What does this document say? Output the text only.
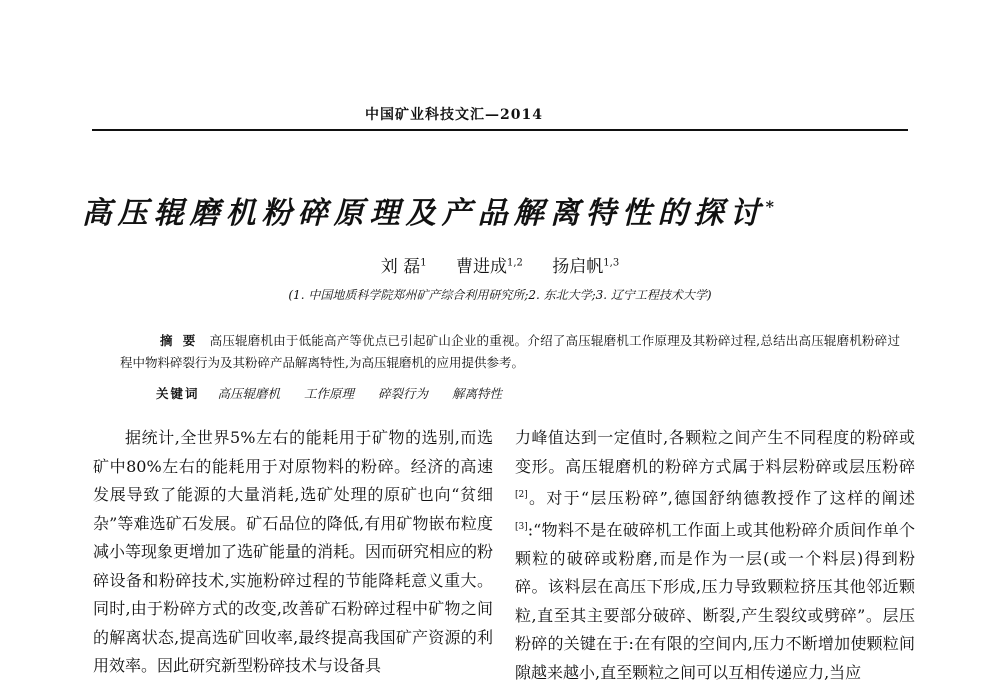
中国矿业科技文汇—2014
高压辊磨机粉碎原理及产品解离特性的探讨*
刘 磊$^1$ 曹进成$^{1,2}$ 扬启帆$^{1,3}$
(1. 中国地质科学院郑州矿产综合利用研究所;2. 东北大学;3. 辽宁工程技术大学)
摘要 高压辊磨机由于低能高产等优点已引起矿山企业的重视。介绍了高压辊磨机工作原理及其粉碎过程,总结出高压辊磨机粉碎过程中物料碎裂行为及其粉碎产品解离特性,为高压辊磨机的应用提供参考。
关键词 高压辊磨机 工作原理 碎裂行为 解离特性
据统计,全世界5%左右的能耗用于矿物的选别,而选矿中80%左右的能耗用于对原物料的粉碎。经济的高速发展导致了能源的大量消耗,选矿处理的原矿也向“贫细杂”等难选矿石发展。矿石品位的降低,有用矿物嵌布粒度减小等现象更增加了选矿能量的消耗。因而研究相应的粉碎设备和粉碎技术,实施粉碎过程的节能降耗意义重大。同时,由于粉碎方式的改变,改善矿石粉碎过程中矿物之间的解离状态,提高选矿回收率,最终提高我国矿产资源的利用效率。因此研究新型粉碎技术与设备具
力峰值达到一定值时,各颗粒之间产生不同程度的粉碎或变形。高压辊磨机的粉碎方式属于料层粉碎或层压粉碎[2]。对于“层压粉碎”,德国舒纳德教授作了这样的阐述[3]:“物料不是在破碎机工作面上或其他粉碎介质间作单个颗粒的破碎或粉磨,而是作为一层(或一个料层)得到粉碎。该料层在高压下形成,压力导致颗粒挤压其他邻近颗粒,直至其主要部分破碎、断裂,产生裂纹或劈碎”。层压粉碎的关键在于:在有限的空间内,压力不断增加使颗粒间隙越来越小,直至颗粒之间可以互相传递应力,当应
